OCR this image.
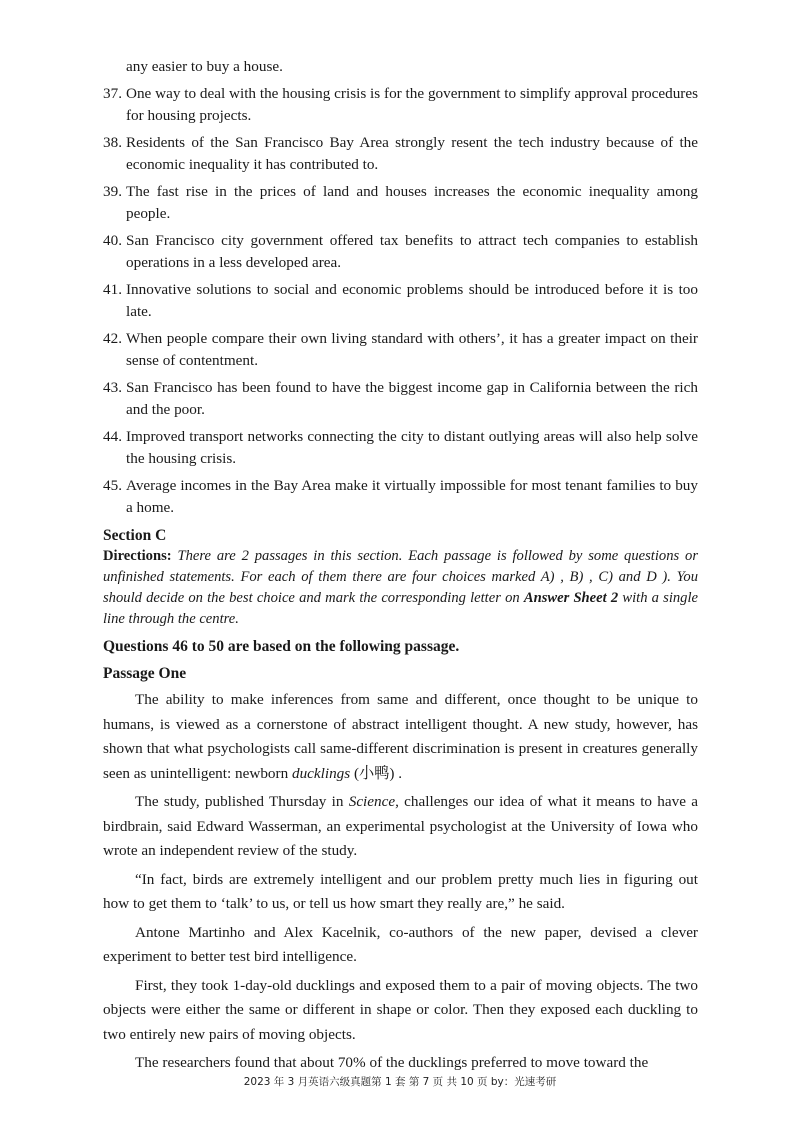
any easier to buy a house.
37. One way to deal with the housing crisis is for the government to simplify approval procedures for housing projects.
38. Residents of the San Francisco Bay Area strongly resent the tech industry because of the economic inequality it has contributed to.
39. The fast rise in the prices of land and houses increases the economic inequality among people.
40. San Francisco city government offered tax benefits to attract tech companies to establish operations in a less developed area.
41. Innovative solutions to social and economic problems should be introduced before it is too late.
42. When people compare their own living standard with others’, it has a greater impact on their sense of contentment.
43. San Francisco has been found to have the biggest income gap in California between the rich and the poor.
44. Improved transport networks connecting the city to distant outlying areas will also help solve the housing crisis.
45. Average incomes in the Bay Area make it virtually impossible for most tenant families to buy a home.
Section C
Directions: There are 2 passages in this section. Each passage is followed by some questions or unfinished statements. For each of them there are four choices marked A) , B) , C) and D ). You should decide on the best choice and mark the corresponding letter on Answer Sheet 2 with a single line through the centre.
Questions 46 to 50 are based on the following passage.
Passage One
The ability to make inferences from same and different, once thought to be unique to humans, is viewed as a cornerstone of abstract intelligent thought. A new study, however, has shown that what psychologists call same-different discrimination is present in creatures generally seen as unintelligent: newborn ducklings (小鸭) .
The study, published Thursday in Science, challenges our idea of what it means to have a birdbrain, said Edward Wasserman, an experimental psychologist at the University of Iowa who wrote an independent review of the study.
“In fact, birds are extremely intelligent and our problem pretty much lies in figuring out how to get them to ‘talk’ to us, or tell us how smart they really are,” he said.
Antone Martinho and Alex Kacelnik, co-authors of the new paper, devised a clever experiment to better test bird intelligence.
First, they took 1-day-old ducklings and exposed them to a pair of moving objects. The two objects were either the same or different in shape or color. Then they exposed each duckling to two entirely new pairs of moving objects.
The researchers found that about 70% of the ducklings preferred to move toward the
2023 年 3 月英语六级真题第 1 套 第 7 页 共 10 页 by：光速考研
